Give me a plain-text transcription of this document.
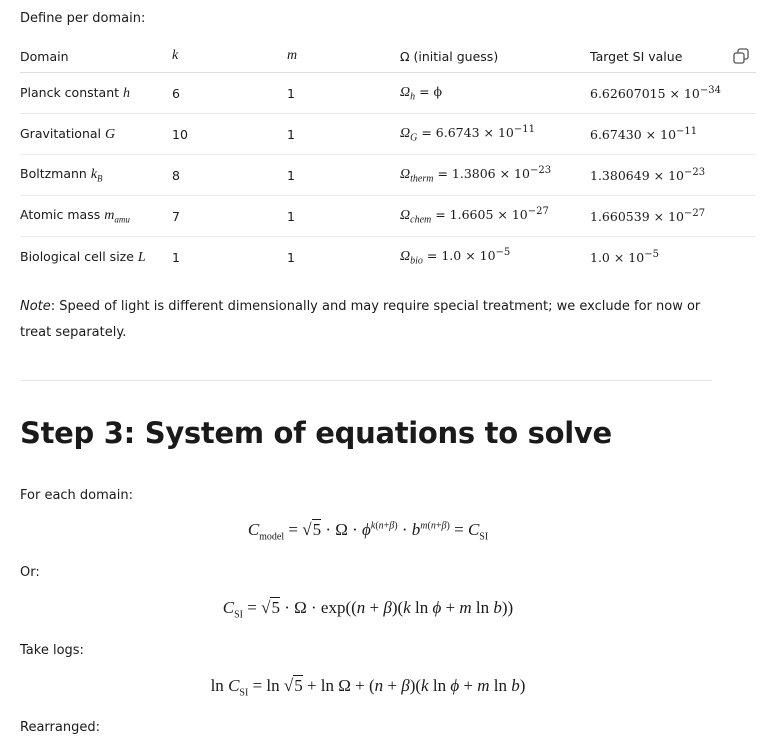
Define per domain:
Domain	k	m	Ω (initial guess)	Target SI value
Planck constant h	6	1	$\Omega_h = \phi$	$6.62607015 \times 10^{-34}$
Gravitational G	10	1	$\Omega_G = 6.6743 \times 10^{-11}$	$6.67430 \times 10^{-11}$
Boltzmann $k_B$	8	1	$\Omega_{therm} = 1.3806 \times 10^{-23}$	$1.380649 \times 10^{-23}$
Atomic mass $m_{amu}$	7	1	$\Omega_{chem} = 1.6605 \times 10^{-27}$	$1.660539 \times 10^{-27}$
Biological cell size L	1	1	$\Omega_{bio} = 1.0 \times 10^{-5}$	$1.0 \times 10^{-5}$
Note: Speed of light is different dimensionally and may require special treatment; we exclude for now or treat separately.
Step 3: System of equations to solve
For each domain:
$C_{model} = √5 \cdot \Omega \cdot \phi^{k(n+\beta)} \cdot b^{m(n+\beta)} = C_{SI}$
Or:
$C_{SI} = √5 \cdot \Omega \cdot \exp((n + \beta)(k$ ln ϕ + m ln b))
Take logs:
$\ln C_{SI} = \ln √5 + \ln \Omega + (n + \beta)(k$ ln ϕ + m ln b)
Rearranged:
